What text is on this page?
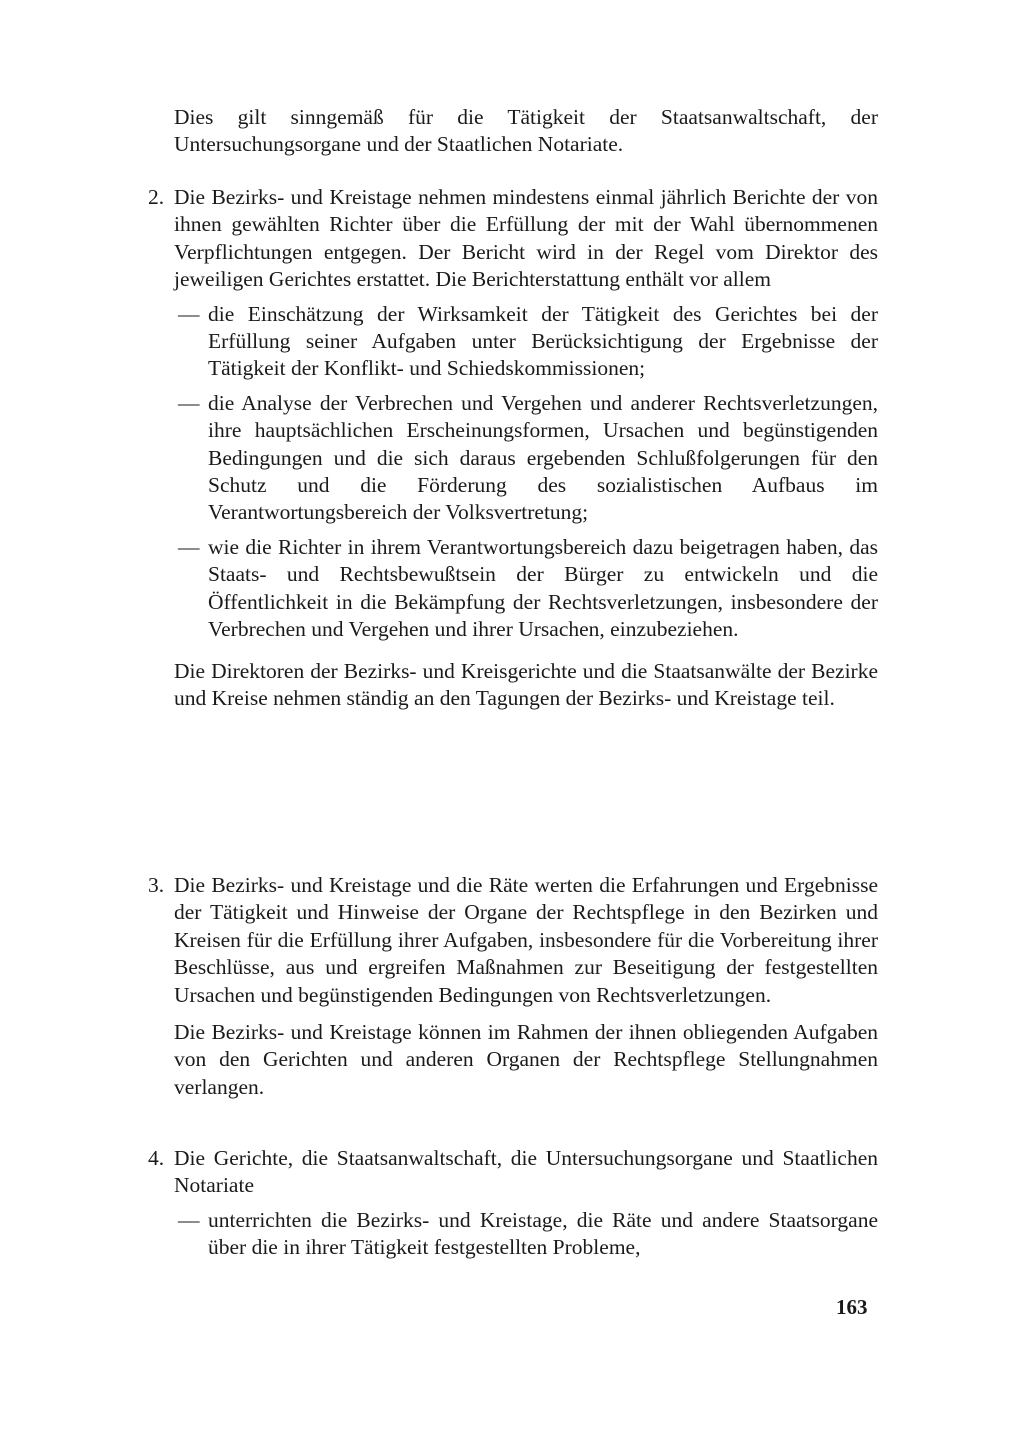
Dies gilt sinngemäß für die Tätigkeit der Staatsanwaltschaft, der Untersuchungsorgane und der Staatlichen Notariate.

2. Die Bezirks- und Kreistage nehmen mindestens einmal jährlich Berichte der von ihnen gewählten Richter über die Erfüllung der mit der Wahl übernommenen Verpflichtungen entgegen. Der Bericht wird in der Regel vom Direktor des jeweiligen Gerichtes erstattet. Die Berichterstattung enthält vor allem
— die Einschätzung der Wirksamkeit der Tätigkeit des Gerichtes bei der Erfüllung seiner Aufgaben unter Berücksichtigung der Ergebnisse der Tätigkeit der Konflikt- und Schiedskommissionen;
— die Analyse der Verbrechen und Vergehen und anderer Rechtsverletzungen, ihre hauptsächlichen Erscheinungsformen, Ursachen und begünstigenden Bedingungen und die sich daraus ergebenden Schlußfolgerungen für den Schutz und die Förderung des sozialistischen Aufbaus im Verantwortungsbereich der Volksvertretung;
— wie die Richter in ihrem Verantwortungsbereich dazu beigetragen haben, das Staats- und Rechtsbewußtsein der Bürger zu entwickeln und die Öffentlichkeit in die Bekämpfung der Rechtsverletzungen, insbesondere der Verbrechen und Vergehen und ihrer Ursachen, einzubeziehen.
Die Direktoren der Bezirks- und Kreisgerichte und die Staatsanwälte der Bezirke und Kreise nehmen ständig an den Tagungen der Bezirks- und Kreistage teil.
3. Die Bezirks- und Kreistage und die Räte werten die Erfahrungen und Ergebnisse der Tätigkeit und Hinweise der Organe der Rechtspflege in den Bezirken und Kreisen für die Erfüllung ihrer Aufgaben, insbesondere für die Vorbereitung ihrer Beschlüsse, aus und ergreifen Maßnahmen zur Beseitigung der festgestellten Ursachen und begünstigenden Bedingungen von Rechtsverletzungen.
Die Bezirks- und Kreistage können im Rahmen der ihnen obliegenden Aufgaben von den Gerichten und anderen Organen der Rechtspflege Stellungnahmen verlangen.
4. Die Gerichte, die Staatsanwaltschaft, die Untersuchungsorgane und Staatlichen Notariate
— unterrichten die Bezirks- und Kreistage, die Räte und andere Staatsorgane über die in ihrer Tätigkeit festgestellten Probleme,
163
